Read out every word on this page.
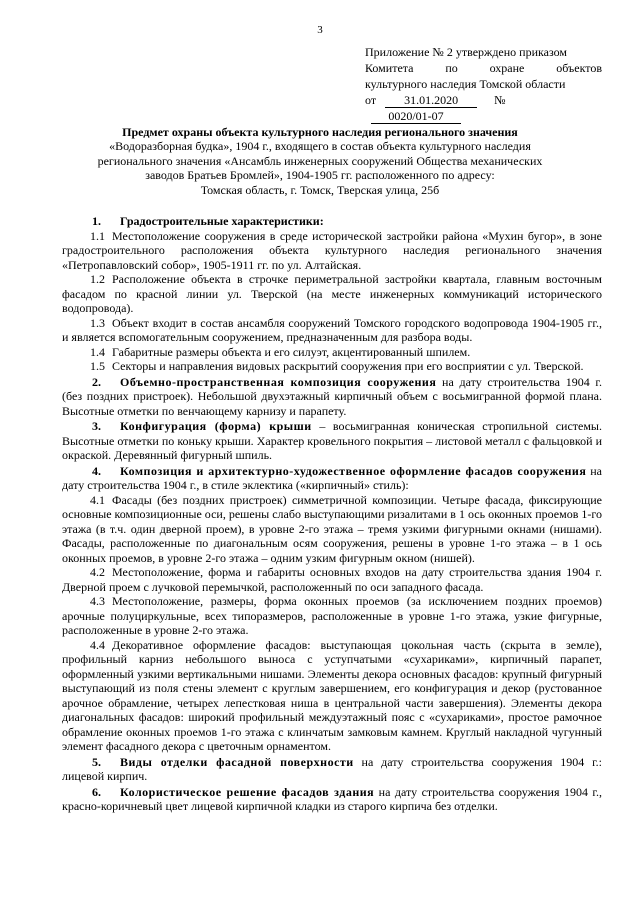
3
Приложение № 2 утверждено приказом
Комитета по охране объектов
культурного наследия Томской области
от 31.01.2020	№ 0020/01-07
Предмет охраны объекта культурного наследия регионального значения
«Водоразборная будка», 1904 г., входящего в состав объекта культурного наследия
регионального значения «Ансамбль инженерных сооружений Общества механических
заводов Братьев Бромлей», 1904-1905 гг. расположенного по адресу:
Томская область, г. Томск, Тверская улица, 25б

1. Градостроительные характеристики:

1.1 Местоположение сооружения в среде исторической застройки района «Мухин бугор», в зоне градостроительного расположения объекта культурного наследия регионального значения «Петропавловский собор», 1905-1911 гг. по ул. Алтайская.

1.2 Расположение объекта в строчке периметральной застройки квартала, главным восточным фасадом по красной линии ул. Тверской (на месте инженерных коммуникаций исторического водопровода).

1.3 Объект входит в состав ансамбля сооружений Томского городского водопровода 1904-1905 гг., и является вспомогательным сооружением, предназначенным для разбора воды.

1.4 Габаритные размеры объекта и его силуэт, акцентированный шпилем.

1.5 Секторы и направления видовых раскрытий сооружения при его восприятии с ул. Тверской.

2. Объемно-пространственная композиция сооружения на дату строительства 1904 г. (без поздних пристроек). Небольшой двухэтажный кирпичный объем с восьмигранной формой плана. Высотные отметки по венчающему карнизу и парапету.

3. Конфигурация (форма) крыши – восьмигранная коническая стропильной системы. Высотные отметки по коньку крыши. Характер кровельного покрытия – листовой металл с фальцовкой и окраской. Деревянный фигурный шпиль.

4. Композиция и архитектурно-художественное оформление фасадов сооружения на дату строительства 1904 г., в стиле эклектика («кирпичный» стиль):

4.1 Фасады (без поздних пристроек) симметричной композиции. Четыре фасада, фиксирующие основные композиционные оси, решены слабо выступающими ризалитами в 1 ось оконных проемов 1-го этажа (в т.ч. один дверной проем), в уровне 2-го этажа – тремя узкими фигурными окнами (нишами). Фасады, расположенные по диагональным осям сооружения, решены в уровне 1-го этажа – в 1 ось оконных проемов, в уровне 2-го этажа – одним узким фигурным окном (нишей).

4.2 Местоположение, форма и габариты основных входов на дату строительства здания 1904 г. Дверной проем с лучковой перемычкой, расположенный по оси западного фасада.

4.3 Местоположение, размеры, форма оконных проемов (за исключением поздних проемов) арочные полуциркульные, всех типоразмеров, расположенные в уровне 1-го этажа, узкие фигурные, расположенные в уровне 2-го этажа.

4.4 Декоративное оформление фасадов: выступающая цокольная часть (скрыта в земле), профильный карниз небольшого выноса с уступчатыми «сухариками», кирпичный парапет, оформленный узкими вертикальными нишами. Элементы декора основных фасадов: крупный фигурный выступающий из поля стены элемент с круглым завершением, его конфигурация и декор (рустованное арочное обрамление, четырех лепестковая ниша в центральной части завершения). Элементы декора диагональных фасадов: широкий профильный междуэтажный пояс с «сухариками», простое рамочное обрамление оконных проемов 1-го этажа с клинчатым замковым камнем. Круглый накладной чугунный элемент фасадного декора с цветочным орнаментом.

5. Виды отделки фасадной поверхности на дату строительства сооружения 1904 г.: лицевой кирпич.

6. Колористическое решение фасадов здания на дату строительства сооружения 1904 г., красно-коричневый цвет лицевой кирпичной кладки из старого кирпича без отделки.
